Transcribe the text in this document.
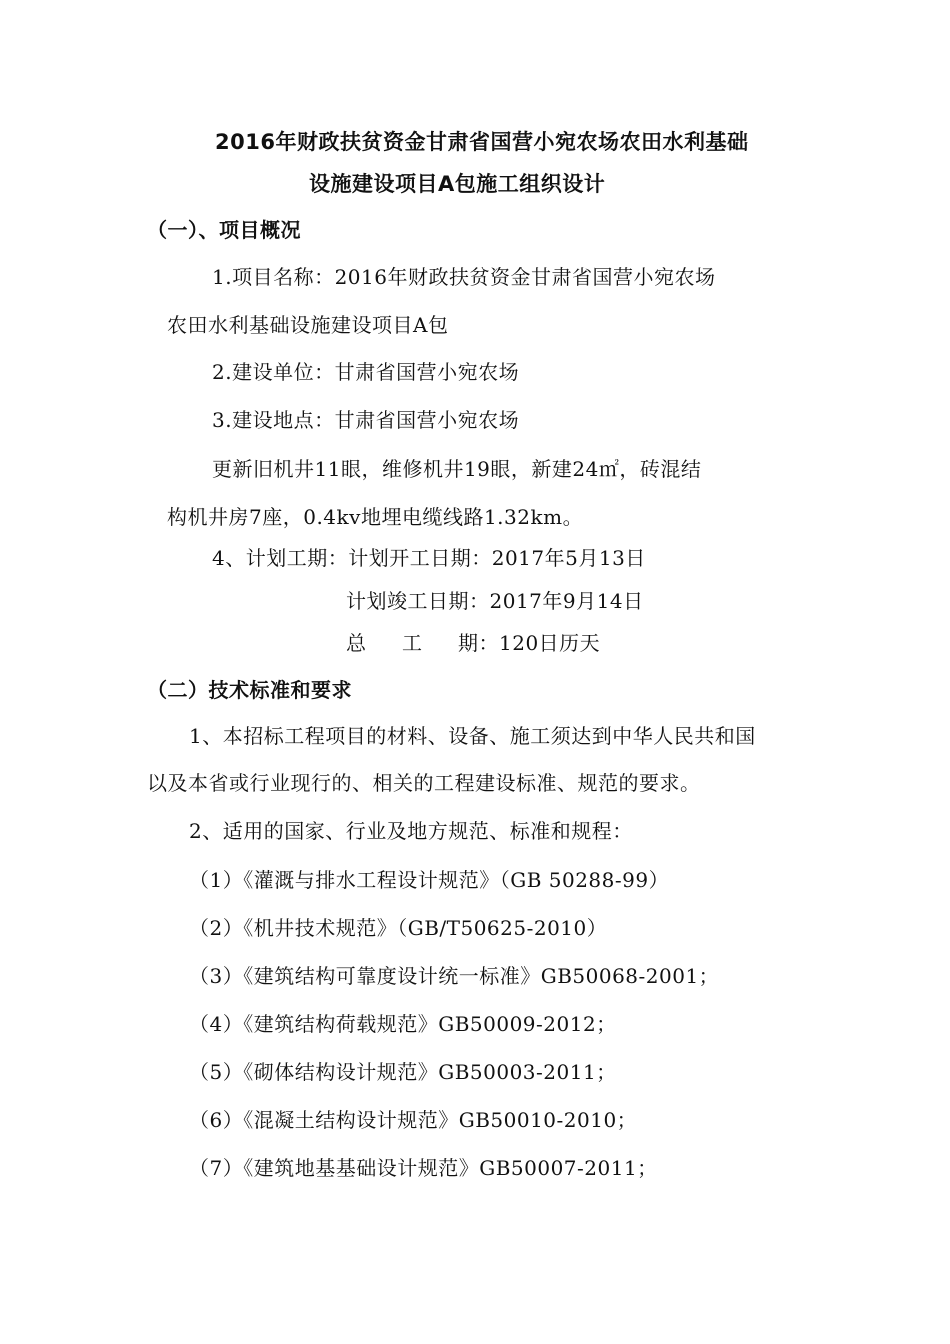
2016年财政扶贫资金甘肃省国营小宛农场农田水利基础
设施建设项目A包施工组织设计
（一）、项目概况
1.项目名称：2016年财政扶贫资金甘肃省国营小宛农场
农田水利基础设施建设项目A包
2.建设单位：甘肃省国营小宛农场
3.建设地点：甘肃省国营小宛农场
更新旧机井11眼，维修机井19眼，新建24㎡，砖混结
构机井房7座，0.4kv地埋电缆线路1.32km。
4、计划工期：计划开工日期：2017年5月13日
计划竣工日期：2017年9月14日
总 工 期：120日历天
（二）技术标准和要求
1、本招标工程项目的材料、设备、施工须达到中华人民共和国
以及本省或行业现行的、相关的工程建设标准、规范的要求。
2、适用的国家、行业及地方规范、标准和规程：
（1）《灌溉与排水工程设计规范》（GB 50288-99）
（2）《机井技术规范》（GB/T50625-2010）
（3）《建筑结构可靠度设计统一标准》GB50068-2001；
（4）《建筑结构荷载规范》GB50009-2012；
（5）《砌体结构设计规范》GB50003-2011；
（6）《混凝土结构设计规范》GB50010-2010；
（7）《建筑地基基础设计规范》GB50007-2011；
